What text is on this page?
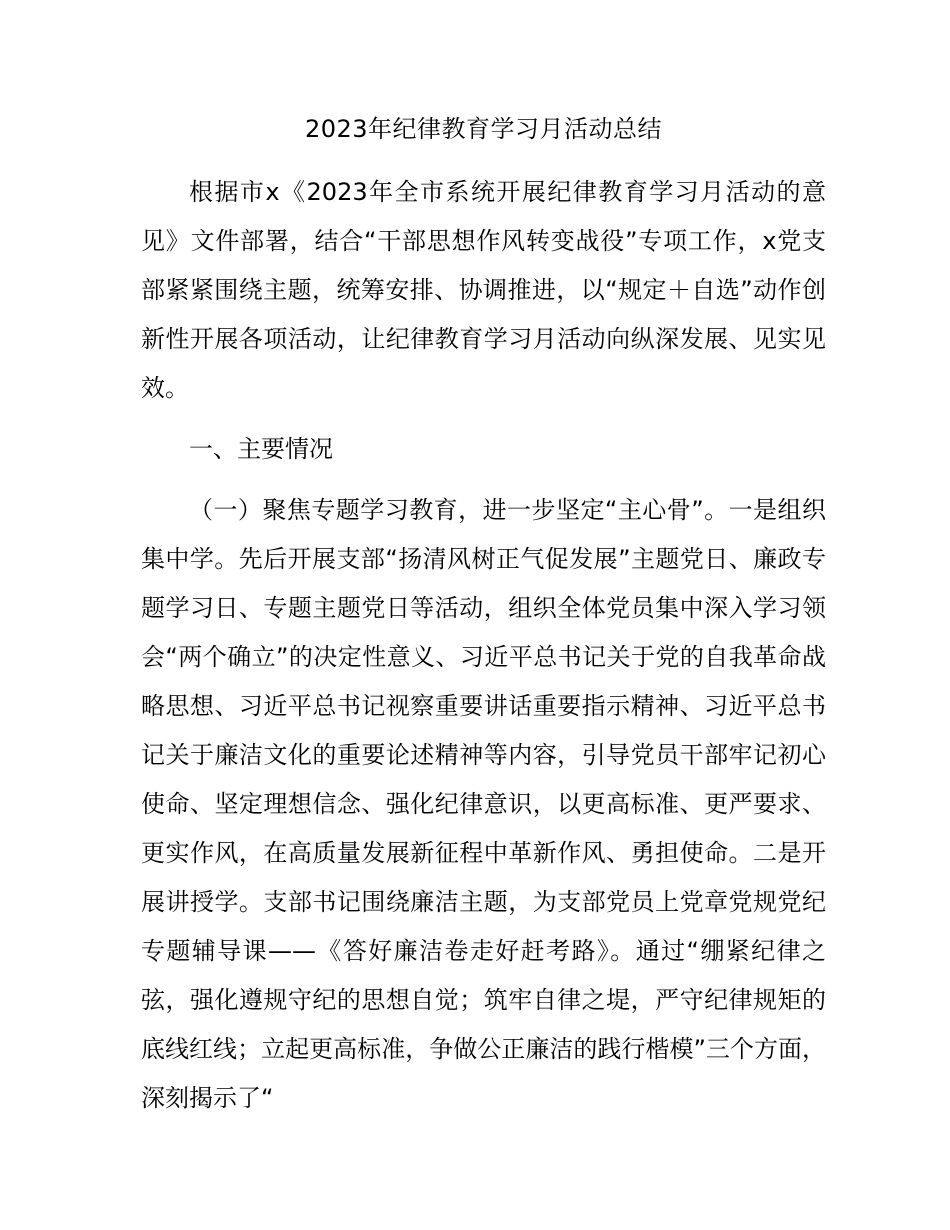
2023年纪律教育学习月活动总结

根据市x《2023年全市系统开展纪律教育学习月活动的意见》文件部署，结合“干部思想作风转变战役”专项工作，x党支部紧紧围绕主题，统筹安排、协调推进，以“规定＋自选”动作创新性开展各项活动，让纪律教育学习月活动向纵深发展、见实见效。

一、主要情况

（一）聚焦专题学习教育，进一步坚定“主心骨”。一是组织集中学。先后开展支部“扬清风树正气促发展”主题党日、廉政专题学习日、专题主题党日等活动，组织全体党员集中深入学习领会“两个确立”的决定性意义、习近平总书记关于党的自我革命战略思想、习近平总书记视察重要讲话重要指示精神、习近平总书记关于廉洁文化的重要论述精神等内容，引导党员干部牢记初心使命、坚定理想信念、强化纪律意识，以更高标准、更严要求、更实作风，在高质量发展新征程中革新作风、勇担使命。二是开展讲授学。支部书记围绕廉洁主题，为支部党员上党章党规党纪专题辅导课——《答好廉洁卷走好赶考路》。通过“绷紧纪律之弦，强化遵规守纪的思想自觉；筑牢自律之堤，严守纪律规矩的底线红线；立起更高标准，争做公正廉洁的践行楷模”三个方面，深刻揭示了“
